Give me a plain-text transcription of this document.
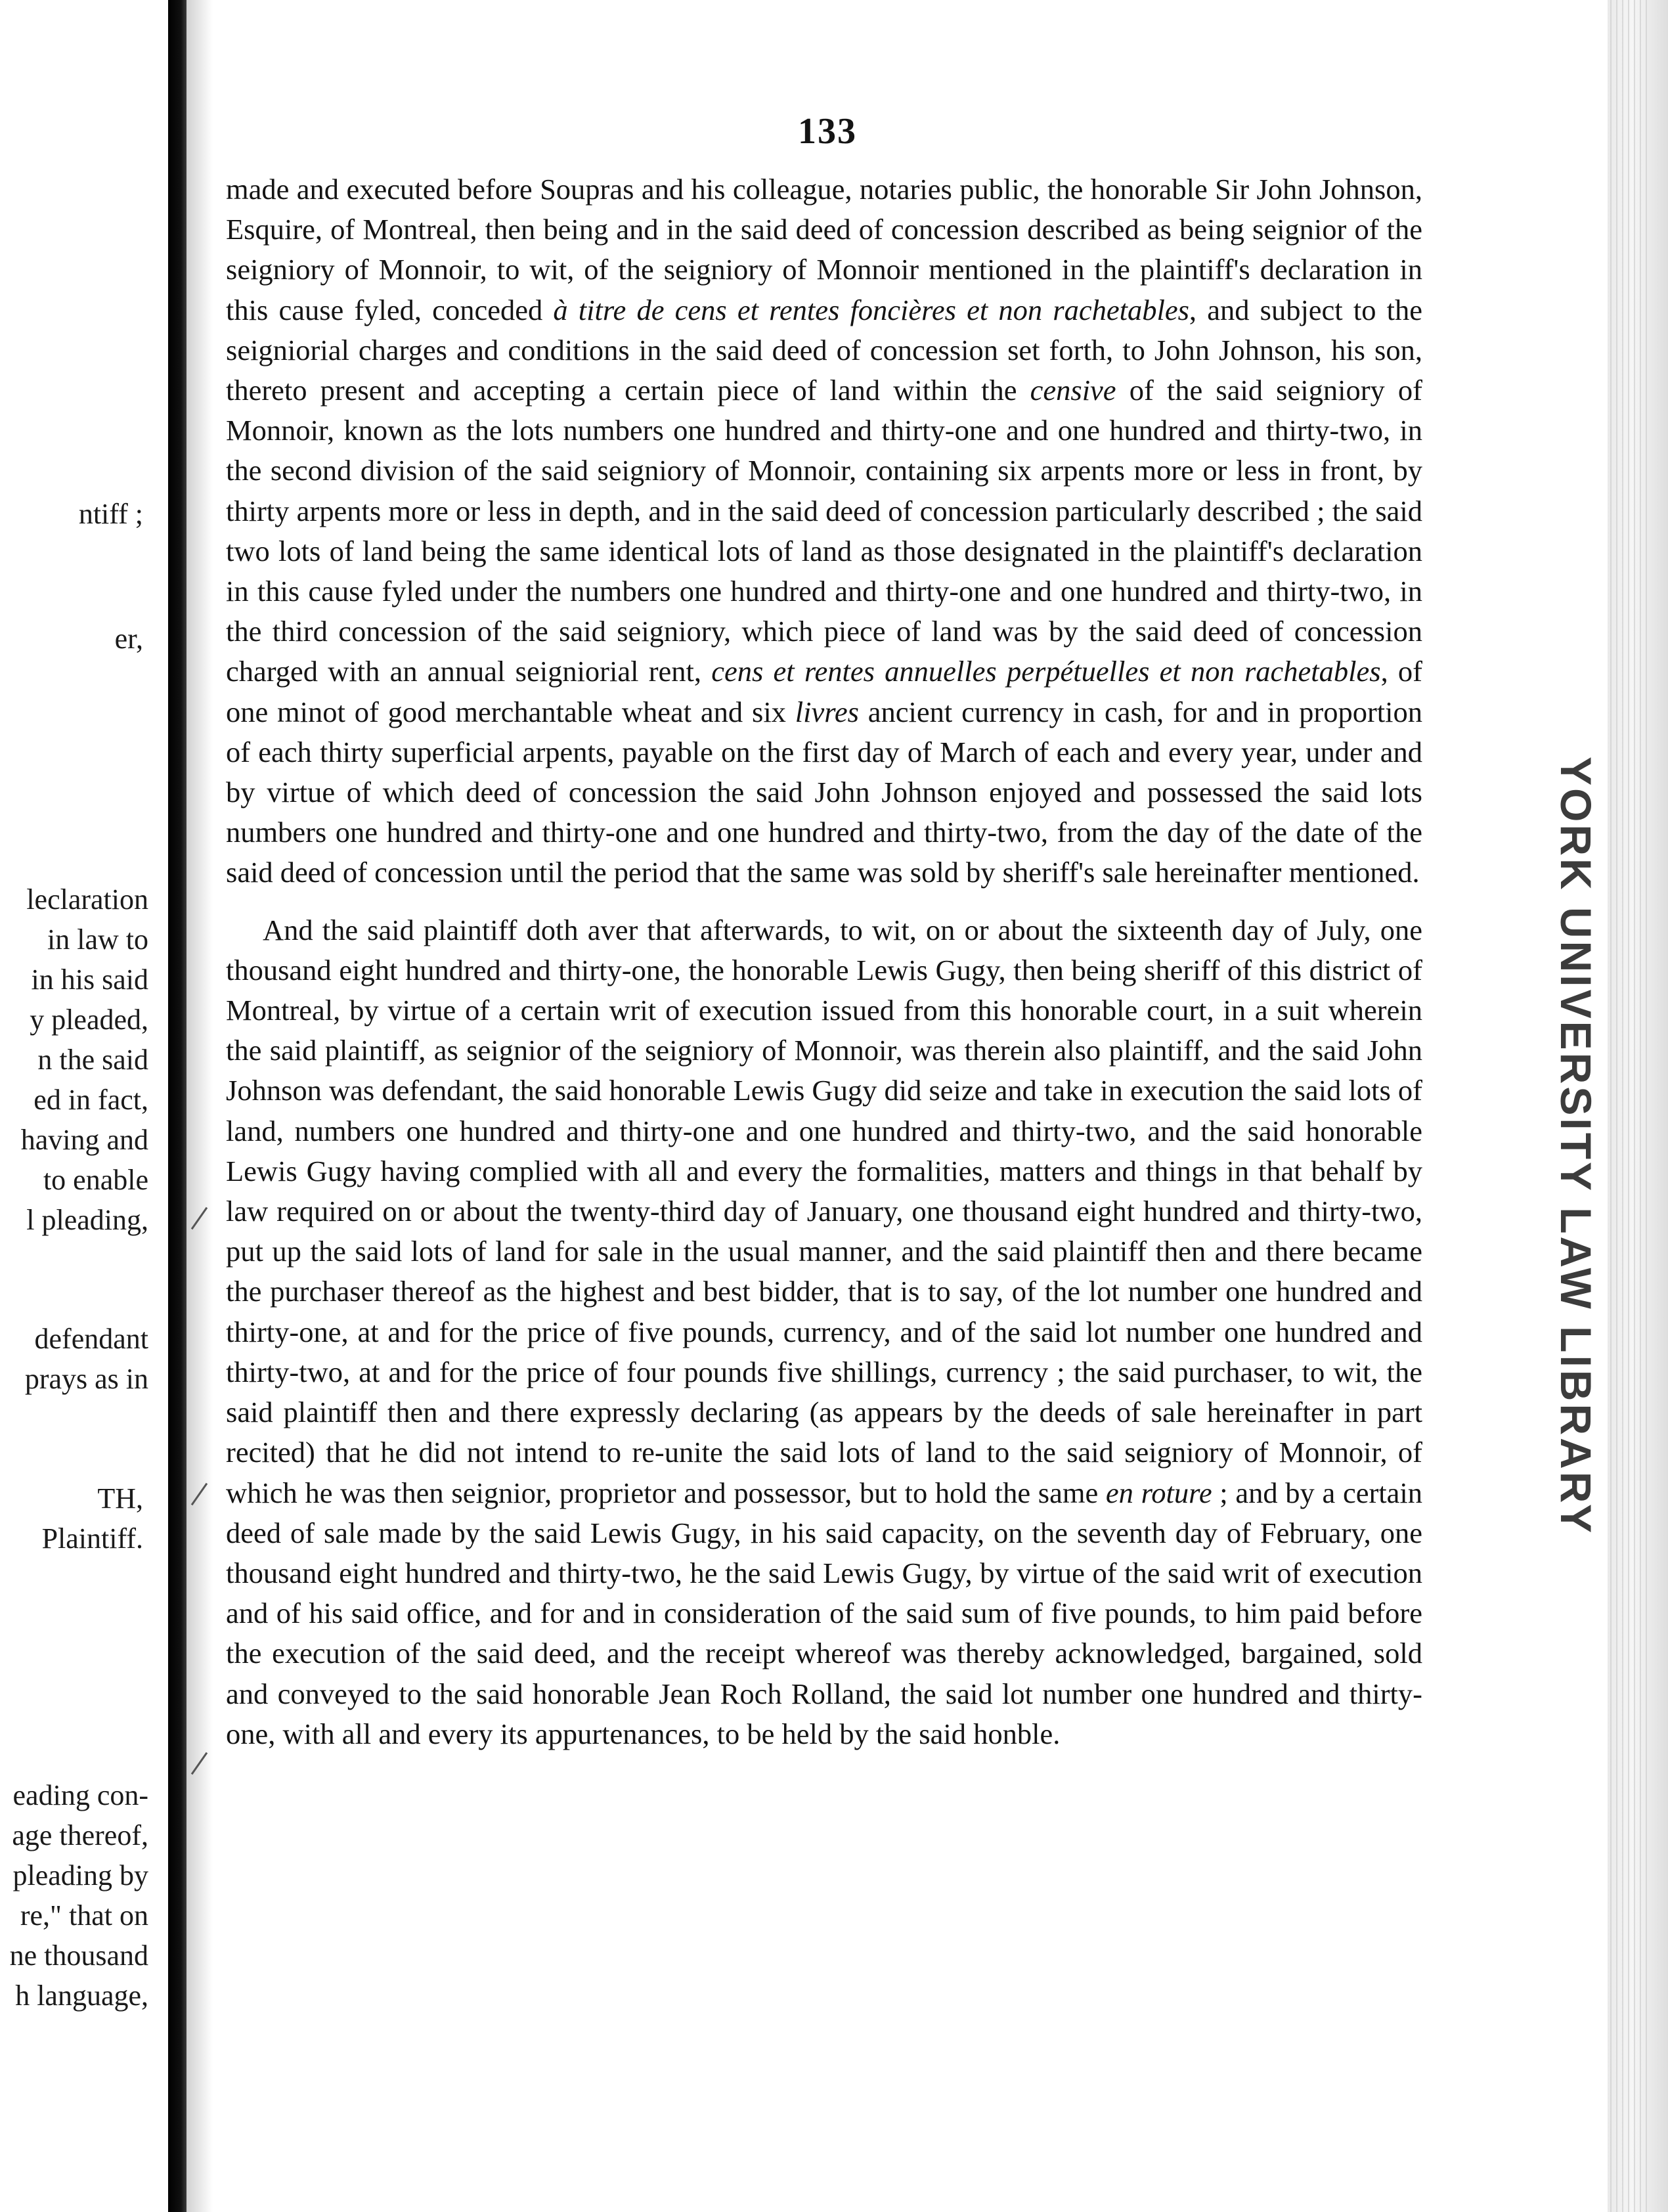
ntiff ;
er,
leclaration
in law to
in his said
y pleaded,
n the said
ed in fact,
having and
to enable
l pleading,
defendant
prays as in
TH,
Plaintiff.
eading con-
age thereof,
pleading by
re," that on
ne thousand
h language,
133

made and executed before Soupras and his colleague, notaries public, the honorable Sir John Johnson, Esquire, of Montreal, then being and in the said deed of concession described as being seignior of the seigniory of Monnoir, to wit, of the seigniory of Monnoir mentioned in the plaintiff's declaration in this cause fyled, conceded à titre de cens et rentes foncières et non rachetables, and subject to the seigniorial charges and conditions in the said deed of concession set forth, to John Johnson, his son, thereto present and accepting a certain piece of land within the censive of the said seigniory of Monnoir, known as the lots numbers one hundred and thirty-one and one hundred and thirty-two, in the second division of the said seigniory of Monnoir, containing six arpents more or less in front, by thirty arpents more or less in depth, and in the said deed of concession particularly described ; the said two lots of land being the same identical lots of land as those designated in the plaintiff's declaration in this cause fyled under the numbers one hundred and thirty-one and one hundred and thirty-two, in the third concession of the said seigniory, which piece of land was by the said deed of concession charged with an annual seigniorial rent, cens et rentes annuelles perpétuelles et non rachetables, of one minot of good merchantable wheat and six livres ancient currency in cash, for and in proportion of each thirty superficial arpents, payable on the first day of March of each and every year, under and by virtue of which deed of concession the said John Johnson enjoyed and possessed the said lots numbers one hundred and thirty-one and one hundred and thirty-two, from the day of the date of the said deed of concession until the period that the same was sold by sheriff's sale hereinafter mentioned.

And the said plaintiff doth aver that afterwards, to wit, on or about the sixteenth day of July, one thousand eight hundred and thirty-one, the honorable Lewis Gugy, then being sheriff of this district of Montreal, by virtue of a certain writ of execution issued from this honorable court, in a suit wherein the said plaintiff, as seignior of the seigniory of Monnoir, was therein also plaintiff, and the said John Johnson was defendant, the said honorable Lewis Gugy did seize and take in execution the said lots of land, numbers one hundred and thirty-one and one hundred and thirty-two, and the said honorable Lewis Gugy having complied with all and every the formalities, matters and things in that behalf by law required on or about the twenty-third day of January, one thousand eight hundred and thirty-two, put up the said lots of land for sale in the usual manner, and the said plaintiff then and there became the purchaser thereof as the highest and best bidder, that is to say, of the lot number one hundred and thirty-one, at and for the price of five pounds, currency, and of the said lot number one hundred and thirty-two, at and for the price of four pounds five shillings, currency ; the said purchaser, to wit, the said plaintiff then and there expressly declaring (as appears by the deeds of sale hereinafter in part recited) that he did not intend to re-unite the said lots of land to the said seigniory of Monnoir, of which he was then seignior, proprietor and possessor, but to hold the same en roture ; and by a certain deed of sale made by the said Lewis Gugy, in his said capacity, on the seventh day of February, one thousand eight hundred and thirty-two, he the said Lewis Gugy, by virtue of the said writ of execution and of his said office, and for and in consideration of the said sum of five pounds, to him paid before the execution of the said deed, and the receipt whereof was thereby acknowledged, bargained, sold and conveyed to the said honorable Jean Roch Rolland, the said lot number one hundred and thirty-one, with all and every its appurtenances, to be held by the said honble.

YORK UNIVERSITY LAW LIBRARY
